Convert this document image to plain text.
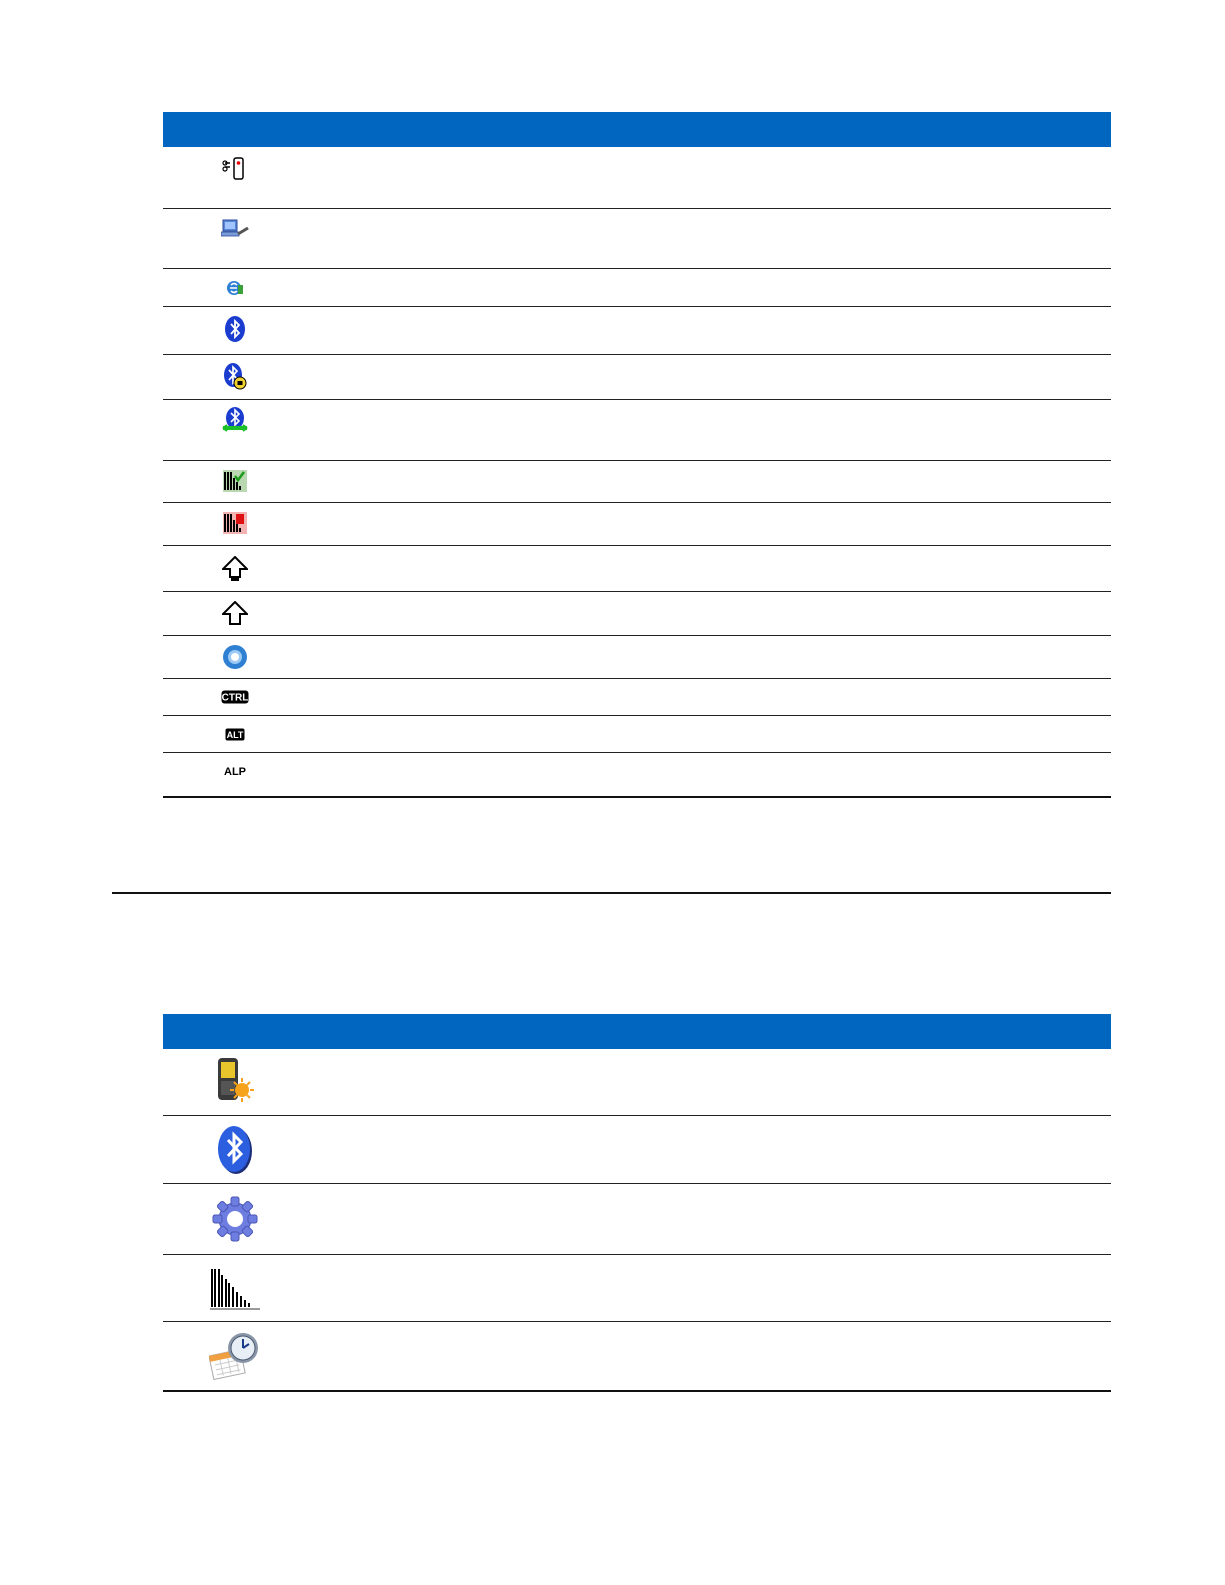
CTRL	

ALT	

ALP	
